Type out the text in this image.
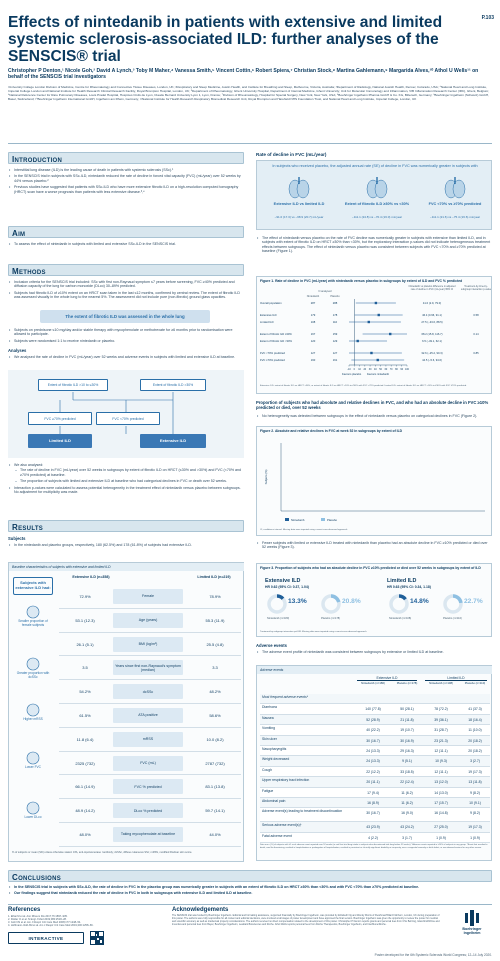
Effects of nintedanib in patients with extensive and limited systemic sclerosis-associated ILD: further analyses of the SENSCIS® trial
P.103
Christopher P Denton,¹ Nicole Goh,² David A Lynch,³ Toby M Maher,⁴ Vanessa Smith,⁵ Vincent Cottin,⁶ Robert Spiera,⁷ Christian Stock,⁸ Martina Gahlemann,⁹ Margarida Alves,¹⁰ Athol U Wells¹¹ on behalf of the SENSCIS trial investigators
¹University College London Division of Medicine, Centre for Rheumatology and Connective Tissue Diseases, London, UK; ²Respiratory and Sleep Medicine, Austin Health, and Institute for Breathing and Sleep, Melbourne, Victoria, Australia; ³Department of Radiology, National Jewish Health, Denver, Colorado, USA; ⁴National Heart and Lung Institute, Imperial College London and National Institute for Health Research Clinical Research Facility, Royal Brompton Hospital, London, UK; ⁵Department of Rheumatology, Ghent University Hospital, Department of Internal Medicine, Ghent University; Unit for Molecular Immunology and Inflammation, VIB Inflammation Research Center (IRC), Ghent, Belgium; ⁶National Reference Center for Rare Pulmonary Diseases, Louis Pradel Hospital, Hospices Civils de Lyon, Claude Bernard University Lyon 1, Lyon, France; ⁷Division of Rheumatology, Hospital for Special Surgery, New York, New York, USA; ⁸Boehringer Ingelheim Pharma GmbH & Co. KG, Biberach, Germany; ⁹Boehringer Ingelheim (Schweiz) GmbH, Basel, Switzerland; ¹⁰Boehringer Ingelheim International GmbH, Ingelheim am Rhein, Germany; ¹¹National Institute for Health Research Respiratory Biomedical Research Unit, Royal Brompton and Harefield NHS Foundation Trust, and National Heart and Lung Institute, Imperial College, London, UK
Introduction
• Interstitial lung disease (ILD) is the leading cause of death in patients with systemic sclerosis (SSc).¹
• In the SENSCIS trial in subjects with SSc-ILD, nintedanib reduced the rate of decline in forced vital capacity (FVC) (mL/year) over 52 weeks by 44% versus placebo.²
• Previous studies have suggested that patients with SSc-ILD who have more extensive fibrotic ILD on a high-resolution computed tomography (HRCT) scan have a worse prognosis than patients with less extensive disease.³,⁴
Aim
• To assess the effect of nintedanib in subjects with limited and extensive SSc-ILD in the SENSCIS trial.
Methods
• Inclusion criteria for the SENSCIS trial included: SSc with first non-Raynaud symptom ≤7 years before screening, FVC ≥40% predicted and diffusion capacity of the lung for carbon monoxide (DLco) 30–89% predicted.
• Subjects had fibrotic ILD of ≥10% extent on an HRCT scan taken in the last ≤12 months, confirmed by central review. The extent of fibrotic ILD was assessed visually in the whole lung to the nearest 5%. The assessment did not include pure (non-fibrotic) ground glass opacities.
The extent of fibrotic ILD was assessed in the whole lung
• Subjects on prednisone ≤10 mg/day and/or stable therapy with mycophenolate or methotrexate for ≥6 months prior to randomisation were allowed to participate.
• Subjects were randomised 1:1 to receive nintedanib or placebo.
Analyses
• We analysed the rate of decline in FVC (mL/year) over 52 weeks and adverse events in subjects with limited and extensive ILD at baseline.
Extent of fibrotic ILD >10 to ≤30%	Extent of fibrotic ILD >30%
FVC ≥70% predicted	FVC <70% predicted
Limited ILD	Extensive ILD
• We also analysed:
– The rate of decline in FVC (mL/year) over 52 weeks in subgroups by extent of fibrotic ILD on HRCT (≤30% and >30%) and FVC (<70% and ≥70% predicted) at baseline.
– The proportion of subjects with limited and extensive ILD at baseline who had categorical declines in FVC or death over 52 weeks.
• Interaction p-values were calculated to assess potential heterogeneity in the treatment effect of nintedanib versus placebo between subgroups. No adjustment for multiplicity was made.
Results
Subjects
• In the nintedanib and placebo groups, respectively, 180 (62.5%) and 178 (61.8%) of subjects had extensive ILD.
Baseline characteristics of subjects with extensive and limited ILD
Subjects with extensive ILD had:
Smaller proportion of female subjects
Greater proportion with dcSSc
Higher mRSS
Lower FVC
Lower DLco
Extensive ILD (n=358)	Limited ILD (n=219)
72.9%	Female	78.9%
53.1 (12.3)	Age (years)	55.3 (11.9)
26.1 (5.1)	BMI (kg/m²)	25.5 (4.8)
3.5	Years since first non-Raynaud's symptom (median)	3.3
54.2%	dcSSc	48.2%
61.5%	ATA positive	58.6%
11.8 (6.4)	mRSS	10.0 (8.2)
2325 (732)	FVC (mL)	2787 (732)
66.1 (14.9)	FVC % predicted	83.1 (13.8)
48.9 (14.2)	DLco % predicted	59.7 (14.1)
48.0%	Taking mycophenolate at baseline	44.0%
% of subjects or mean (SD) unless otherwise stated. ATA, anti-topoisomerase I antibody; dcSSc, diffuse cutaneous SSc; mRSS, modified Rodnan skin score.
Rate of decline in FVC (mL/year)
In subjects who received placebo, the adjusted annual rate (SE) of decline in FVC was numerically greater in subjects with
Extensive ILD vs limited ILD
−91.0 (17.3) vs −68.9 (20.7) mL/year
Extent of fibrotic ILD ≥30% vs <30%
−111.1 (24.8) vs −70.4 (16.0) mL/year
FVC <70% vs ≥70% predicted
−111.1 (21.6) vs −75.4 (16.6) mL/year
• The effect of nintedanib versus placebo on the rate of FVC decline was numerically greater in subjects with extensive than limited ILD, and in subjects with extent of fibrotic ILD on HRCT ≥30% than <30%, but the exploratory interaction p-values did not indicate heterogeneous treatment effects between subgroups. The effect of nintedanib versus placebo was consistent between subjects with FVC <70% and ≥70% predicted at baseline (Figure 1).
Figure 1. Rate of decline in FVC (mL/year) with nintedanib versus placebo in subgroups by extent of ILD and FVC % predicted
N analysed
Nintedanib	Placebo
Nintedanib vs placebo difference in adjusted rate of decline in FVC (mL/year) 95% CI
Treatment-by-time-by-subgroup interaction p-value
-10 0 10 20 30 40 50 60 70 80 90 100
Favours placebo Favours nintedanib
Overall population	287	288	41.0 (2.9, 79.0)
Extensive ILD	179	178	46.4 (0.96, 91.1)	0.58
Limited ILD	108	110	27.5 (−33.6, 88.5)
Extent of fibrotic ILD ≥30%	167	159	68.2 (15.8, 116.7)	0.14
Extent of fibrotic ILD <30%	120	129	6.5 (−49.1, 62.1)
FVC <70% predicted	127	127	32.6 (−25.2, 90.3)	0.85
FVC ≥70% predicted	160	161	44.5 (−5.6, 94.6)
Extensive ILD: extent of fibrotic ILD on HRCT >30%, or extent of fibrotic ILD on HRCT >10% to ≤30% with FVC <70% predicted. Limited ILD: extent of fibrotic ILD on HRCT >10% to ≤30% with FVC ≥70% predicted.
Proportion of subjects who had absolute and relative declines in FVC, and who had an absolute decline in FVC ≥10% predicted or died, over 52 weeks
• No heterogeneity was detected between subgroups in the effect of nintedanib versus placebo on categorical declines in FVC (Figure 2).
Figure 2. Absolute and relative declines in FVC at week 52 in subgroups by extent of ILD
Subjects (%)
Nintedanib	Placebo
CI, confidence interval. Missing data were imputed using a worst-case-observed approach.
• Fewer subjects with limited or extensive ILD treated with nintedanib than placebo had an absolute decline in FVC ≥10% predicted or died over 52 weeks (Figure 3).
Figure 3. Proportion of subjects who had an absolute decline in FVC ≥10% predicted or died over 52 weeks in subgroups by extent of ILD
Extensive ILD
HR 0.62 (95% CI: 0.37, 1.04)
Limited ILD
HR 0.63 (95% CI: 0.34, 1.18)
13.3%
Nintedanib (n=180)
20.8%
Placebo (n=178)
14.8%
Nintedanib (n=108)
22.7%
Placebo (n=110)
Treatment-by-subgroup interaction p=0.88. Missing data were imputed using a worst-case-observed approach.
Adverse events
• The adverse event profile of nintedanib was consistent between subgroups by extensive or limited ILD at baseline.
Adverse events
Extensive ILD	Limited ILD
Nintedanib (n=180)	Placebo (n=178)	Nintedanib (n=108)	Placebo (n=110)
Most frequent adverse events*
Diarrhoea	140 (77.8)	50 (28.1)	78 (72.2)	41 (37.3)
Nausea	52 (28.9)	21 (11.8)	39 (36.1)	18 (16.4)
Vomiting	40 (22.2)	19 (10.7)	31 (28.7)	11 (10.0)
Skin ulcer	30 (16.7)	30 (16.9)	23 (21.3)	20 (18.2)
Nasopharyngitis	24 (13.3)	29 (16.3)	12 (11.1)	20 (18.2)
Weight decreased	24 (13.3)	9 (5.1)	10 (9.3)	3 (2.7)
Cough	22 (12.2)	33 (18.5)	12 (11.1)	19 (17.3)
Upper respiratory tract infection	20 (11.1)	22 (12.4)	13 (12.0)	13 (11.8)
Fatigue	17 (9.4)	11 (6.2)	14 (13.0)	9 (8.2)
Abdominal pain	16 (8.9)	11 (6.2)	17 (15.7)	10 (9.1)
Adverse event(s) leading to treatment discontinuation	30 (16.7)	16 (9.0)	16 (14.8)	9 (8.2)
Serious adverse event(s)†	43 (23.9)	43 (24.2)	27 (25.0)	19 (17.3)
Fatal adverse event	4 (2.2)	3 (1.7)	1 (0.9)	1 (0.9)
Data are n (%) of subjects with ≥1 such adverse event reported over 52 weeks (or until last trial drug intake in subjects who discontinued trial drug before 52 weeks). *Adverse events reported in ≥10% of subjects in any group. †Event that resulted in death, was life-threatening, resulted in hospitalisation or prolongation of hospitalisation, resulted in persistent or clinically significant disability or incapacity, was a congenital anomaly or birth defect, or was deemed serious for any other reason.
Conclusions
• In the SENSCIS trial in subjects with SSc-ILD, the rate of decline in FVC in the placebo group was numerically greater in subjects with an extent of fibrotic ILD on HRCT ≥30% than <30% and with FVC <70% than ≥70% predicted at baseline.
• Our findings suggest that nintedanib reduced the rate of decline in FVC in both in subgroups with extensive ILD and limited ILD at baseline.
References
1. Elhai M et al. Ann Rheum Dis 2017;76:1897–905.
2. Distler O et al. N Engl J Med 2019;380:2518–28.
3. Goh NS et al. Am J Respir Crit Care Med 2008;177:1248–54.
4. Hoffmann-Vold AM et al. Am J Respir Crit Care Med 2019;200:1258–66.
INTERACTIVE
Acknowledgements
The SENSCIS trial was funded by Boehringer Ingelheim. Editorial and formatting assistance, supported financially by Boehringer Ingelheim, was provided by Elizabeth Ng and Wendy Morris of FleishmanHillard Fishburn, London, UK during preparation of this poster. The authors were fully responsible for all content and editorial decisions, were involved at all stages of poster development and have approved the final version. Boehringer Ingelheim was given the opportunity to review the poster for medical and scientific accuracy as well as intellectual property considerations. The authors received no direct compensation related to the development of this poster. Christopher P Denton reports grants and personal fees from CSL Behring, GlaxoSmithKline and Inventiva and personal fees from Bayer, Boehringer Ingelheim, Leadiant Biosciences and Roche. Athol Wells reports personal fees from Roche Therapeutics, Boehringer Ingelheim, and InterMune/Roche.
Boehringer
Ingelheim
Poster developed for the 6th Systemic Sclerosis World Congress; 12–14 July 2020.
